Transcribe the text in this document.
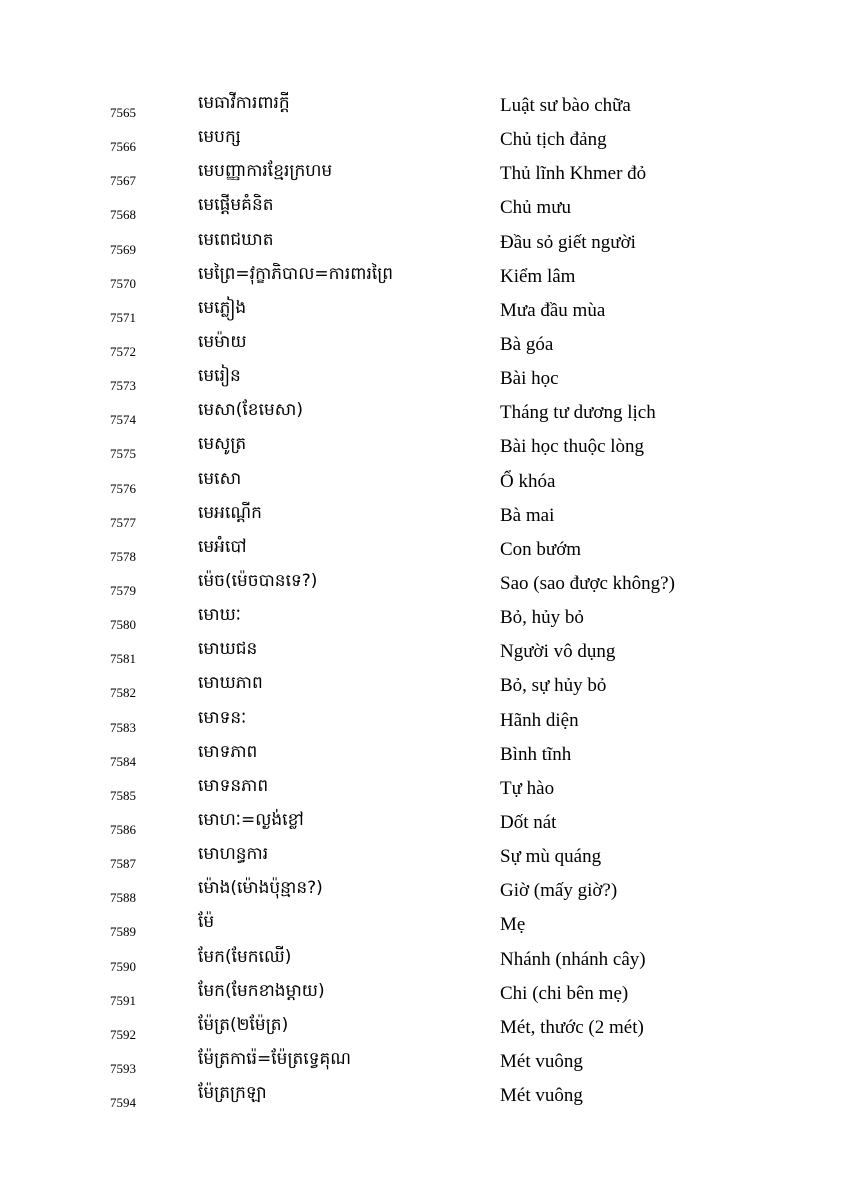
7565	មេធាវីការពារក្តី	Luật sư bào chữa
7566	មេបក្ស	Chủ tịch đảng
7567	មេបញ្ញាការខ្មែរក្រហម	Thủ lĩnh Khmer đỏ
7568	មេផ្តើមគំនិត	Chủ mưu
7569	មេពេជឃាត	Đầu sỏ giết người
7570	មេព្រៃ=វុក្ខាភិបាល=ការពារព្រៃ	Kiểm lâm
7571	មេភ្លៀង	Mưa đầu mùa
7572	មេម៉ាយ	Bà góa
7573	មេរៀន	Bài học
7574	មេសា(ខែមេសា)	Tháng tư dương lịch
7575	មេសូត្រ	Bài học thuộc lòng
7576	មេសោ	Ổ khóa
7577	មេអណ្តើក	Bà mai
7578	មេអំបៅ	Con bướm
7579	ម៉េច(ម៉េចបានទេ?)	Sao (sao được không?)
7580	មោឃៈ	Bỏ, hủy bỏ
7581	មោឃជន	Người vô dụng
7582	មោឃភាព	Bỏ, sự hủy bỏ
7583	មោទនៈ	Hãnh diện
7584	មោទភាព	Bình tĩnh
7585	មោទនភាព	Tự hào
7586	មោហៈ=ល្ងង់ខ្លៅ	Dốt nát
7587	មោហន្ធការ	Sự mù quáng
7588	ម៉ោង(ម៉ោងប៉ុន្មាន?)	Giờ (mấy giờ?)
7589	ម៉ែ	Mẹ
7590	មែក(មែកឈើ)	Nhánh (nhánh cây)
7591	មែក(មែកខាងម្តាយ)	Chi (chi bên mẹ)
7592	ម៉ែត្រ(២ម៉ែត្រ)	Mét, thước (2 mét)
7593	ម៉ែត្រការ៉េ=ម៉ែត្រទ្វេគុណ	Mét vuông
7594	ម៉ែត្រក្រឡា	Mét vuông
